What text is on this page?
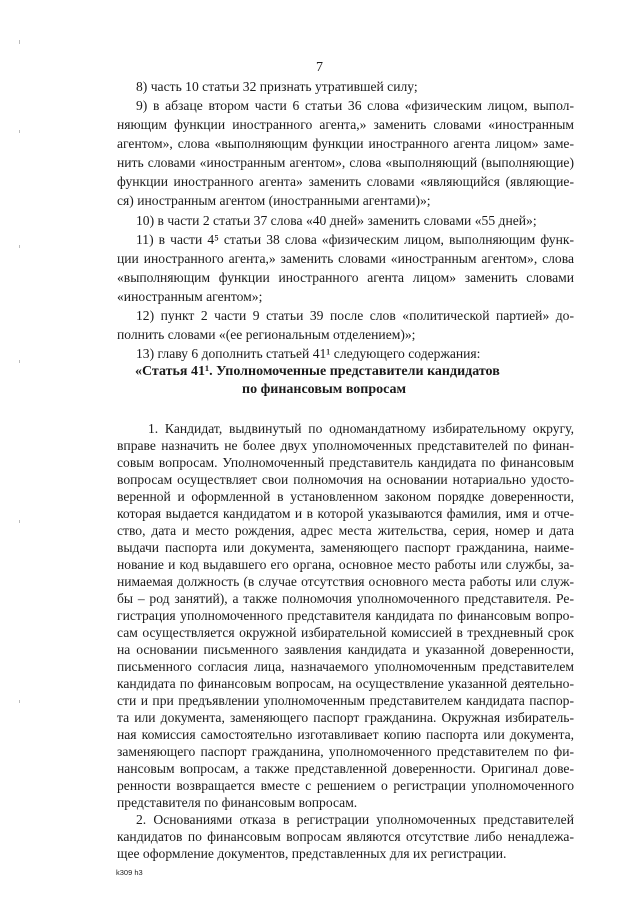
7
8) часть 10 статьи 32 признать утратившей силу;
9) в абзаце втором части 6 статьи 36 слова «физическим лицом, выпол-
няющим функции иностранного агента,» заменить словами «иностранным
агентом», слова «выполняющим функции иностранного агента лицом» заме-
нить словами «иностранным агентом», слова «выполняющий (выполняющие)
функции иностранного агента» заменить словами «являющийся (являющие-
ся) иностранным агентом (иностранными агентами)»;
10) в части 2 статьи 37 слова «40 дней» заменить словами «55 дней»;
11) в части 4⁵ статьи 38 слова «физическим лицом, выполняющим функ-
ции иностранного агента,» заменить словами «иностранным агентом», слова
«выполняющим функции иностранного агента лицом» заменить словами
«иностранным агентом»;
12) пункт 2 части 9 статьи 39 после слов «политической партией» до-
полнить словами «(ее региональным отделением)»;
13) главу 6 дополнить статьей 41¹ следующего содержания:
«Статья 41¹. Уполномоченные представители кандидатов
по финансовым вопросам
1. Кандидат, выдвинутый по одномандатному избирательному округу,
вправе назначить не более двух уполномоченных представителей по финан-
совым вопросам. Уполномоченный представитель кандидата по финансовым
вопросам осуществляет свои полномочия на основании нотариально удосто-
веренной и оформленной в установленном законом порядке доверенности,
которая выдается кандидатом и в которой указываются фамилия, имя и отче-
ство, дата и место рождения, адрес места жительства, серия, номер и дата
выдачи паспорта или документа, заменяющего паспорт гражданина, наиме-
нование и код выдавшего его органа, основное место работы или службы, за-
нимаемая должность (в случае отсутствия основного места работы или служ-
бы – род занятий), а также полномочия уполномоченного представителя. Ре-
гистрация уполномоченного представителя кандидата по финансовым вопро-
сам осуществляется окружной избирательной комиссией в трехдневный срок
на основании письменного заявления кандидата и указанной доверенности,
письменного согласия лица, назначаемого уполномоченным представителем
кандидата по финансовым вопросам, на осуществление указанной деятельно-
сти и при предъявлении уполномоченным представителем кандидата паспор-
та или документа, заменяющего паспорт гражданина. Окружная избиратель-
ная комиссия самостоятельно изготавливает копию паспорта или документа,
заменяющего паспорт гражданина, уполномоченного представителем по фи-
нансовым вопросам, а также представленной доверенности. Оригинал дове-
ренности возвращается вместе с решением о регистрации уполномоченного
представителя по финансовым вопросам.
2. Основаниями отказа в регистрации уполномоченных представителей
кандидатов по финансовым вопросам являются отсутствие либо ненадлежа-
щее оформление документов, представленных для их регистрации.
k309 h3
